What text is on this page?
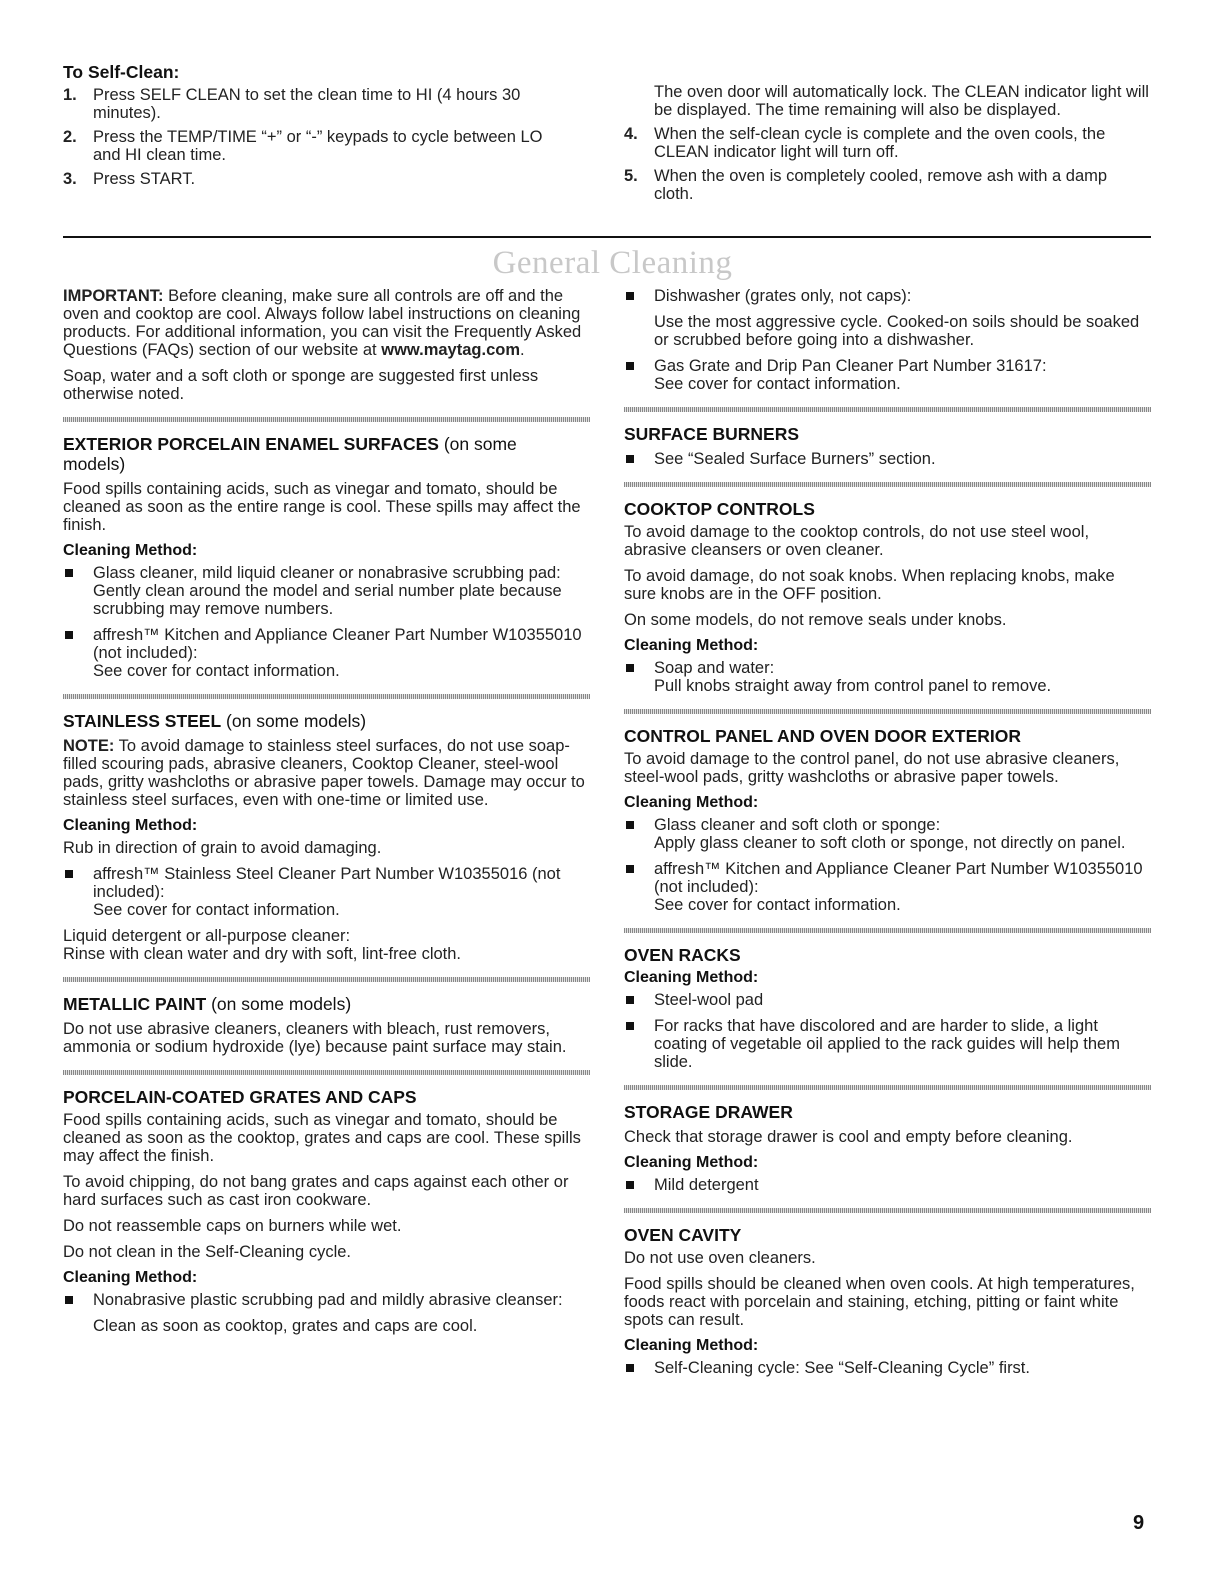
To Self-Clean:
1. Press SELF CLEAN to set the clean time to HI (4 hours 30 minutes).
2. Press the TEMP/TIME “+” or “-” keypads to cycle between LO and HI clean time.
3. Press START.

The oven door will automatically lock. The CLEAN indicator light will be displayed. The time remaining will also be displayed.

4. When the self-clean cycle is complete and the oven cools, the CLEAN indicator light will turn off.
5. When the oven is completely cooled, remove ash with a damp cloth.
General Cleaning

IMPORTANT: Before cleaning, make sure all controls are off and the oven and cooktop are cool. Always follow label instructions on cleaning products. For additional information, you can visit the Frequently Asked Questions (FAQs) section of our website at www.maytag.com.

Soap, water and a soft cloth or sponge are suggested first unless otherwise noted.

EXTERIOR PORCELAIN ENAMEL SURFACES (on some
models)

Food spills containing acids, such as vinegar and tomato, should be cleaned as soon as the entire range is cool. These spills may affect the finish.

Cleaning Method:
Glass cleaner, mild liquid cleaner or nonabrasive scrubbing pad:

Gently clean around the model and serial number plate because scrubbing may remove numbers.

affresh™ Kitchen and Appliance Cleaner Part Number W10355010 (not included):

See cover for contact information.

STAINLESS STEEL (on some models)

NOTE: To avoid damage to stainless steel surfaces, do not use soap-filled scouring pads, abrasive cleaners, Cooktop Cleaner, steel-wool pads, gritty washcloths or abrasive paper towels. Damage may occur to stainless steel surfaces, even with one-time or limited use.

Cleaning Method:

Rub in direction of grain to avoid damaging.

affresh™ Stainless Steel Cleaner Part Number W10355016 (not included):

See cover for contact information.

Liquid detergent or all-purpose cleaner:
Rinse with clean water and dry with soft, lint-free cloth.

METALLIC PAINT (on some models)

Do not use abrasive cleaners, cleaners with bleach, rust removers, ammonia or sodium hydroxide (lye) because paint surface may stain.

PORCELAIN-COATED GRATES AND CAPS

Food spills containing acids, such as vinegar and tomato, should be cleaned as soon as the cooktop, grates and caps are cool. These spills may affect the finish.

To avoid chipping, do not bang grates and caps against each other or hard surfaces such as cast iron cookware.

Do not reassemble caps on burners while wet.

Do not clean in the Self-Cleaning cycle.

Cleaning Method:
Nonabrasive plastic scrubbing pad and mildly abrasive cleanser:

Clean as soon as cooktop, grates and caps are cool.

Dishwasher (grates only, not caps):

Use the most aggressive cycle. Cooked-on soils should be soaked or scrubbed before going into a dishwasher.

Gas Grate and Drip Pan Cleaner Part Number 31617:

See cover for contact information.

SURFACE BURNERS
See “Sealed Surface Burners” section.
COOKTOP CONTROLS

To avoid damage to the cooktop controls, do not use steel wool, abrasive cleansers or oven cleaner.

To avoid damage, do not soak knobs. When replacing knobs, make sure knobs are in the OFF position.

On some models, do not remove seals under knobs.

Cleaning Method:
Soap and water:

Pull knobs straight away from control panel to remove.

CONTROL PANEL AND OVEN DOOR EXTERIOR

To avoid damage to the control panel, do not use abrasive cleaners, steel-wool pads, gritty washcloths or abrasive paper towels.

Cleaning Method:
Glass cleaner and soft cloth or sponge:

Apply glass cleaner to soft cloth or sponge, not directly on panel.

affresh™ Kitchen and Appliance Cleaner Part Number W10355010 (not included):

See cover for contact information.

OVEN RACKS
Cleaning Method:
Steel-wool pad
For racks that have discolored and are harder to slide, a light coating of vegetable oil applied to the rack guides will help them slide.
STORAGE DRAWER

Check that storage drawer is cool and empty before cleaning.

Cleaning Method:
Mild detergent
OVEN CAVITY

Do not use oven cleaners.

Food spills should be cleaned when oven cools. At high temperatures, foods react with porcelain and staining, etching, pitting or faint white spots can result.

Cleaning Method:
Self-Cleaning cycle: See “Self-Cleaning Cycle” first.
9
